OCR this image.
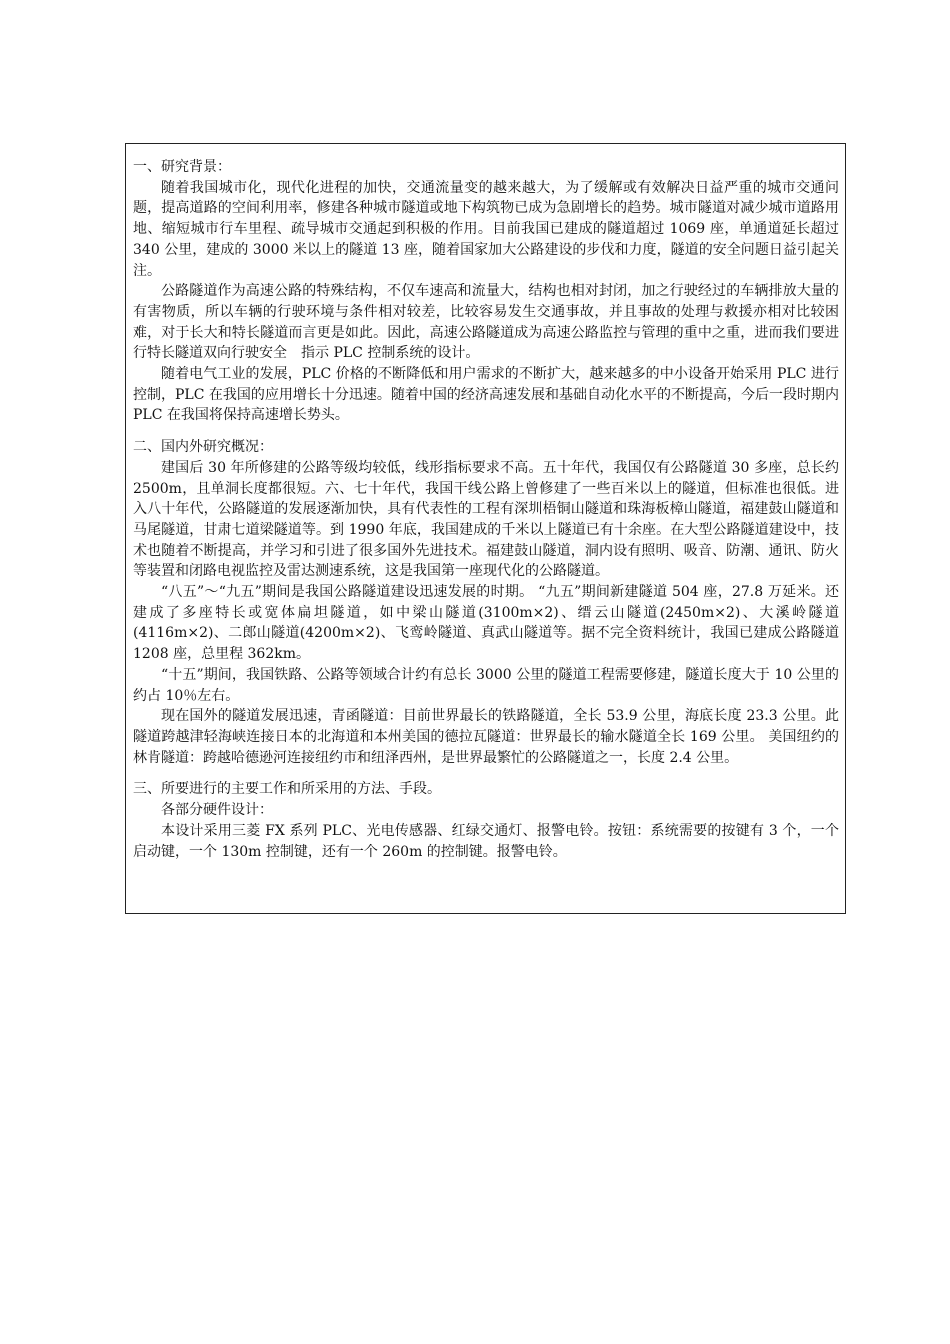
一、研究背景：

随着我国城市化，现代化进程的加快，交通流量变的越来越大，为了缓解或有效解决日益严重的城市交通问题，提高道路的空间利用率，修建各种城市隧道或地下构筑物已成为急剧增长的趋势。城市隧道对减少城市道路用地、缩短城市行车里程、疏导城市交通起到积极的作用。目前我国已建成的隧道超过 1069 座，单通道延长超过 340 公里，建成的 3000 米以上的隧道 13 座，随着国家加大公路建设的步伐和力度，隧道的安全问题日益引起关注。

公路隧道作为高速公路的特殊结构，不仅车速高和流量大，结构也相对封闭，加之行驶经过的车辆排放大量的有害物质，所以车辆的行驶环境与条件相对较差，比较容易发生交通事故，并且事故的处理与救援亦相对比较困难，对于长大和特长隧道而言更是如此。因此，高速公路隧道成为高速公路监控与管理的重中之重，进而我们要进行特长隧道双向行驶安全　指示 PLC 控制系统的设计。

随着电气工业的发展，PLC 价格的不断降低和用户需求的不断扩大，越来越多的中小设备开始采用 PLC 进行控制，PLC 在我国的应用增长十分迅速。随着中国的经济高速发展和基础自动化水平的不断提高，今后一段时期内 PLC 在我国将保持高速增长势头。

二、国内外研究概况：

建国后 30 年所修建的公路等级均较低，线形指标要求不高。五十年代，我国仅有公路隧道 30 多座，总长约 2500m，且单洞长度都很短。六、七十年代，我国干线公路上曾修建了一些百米以上的隧道，但标准也很低。进入八十年代，公路隧道的发展逐渐加快，具有代表性的工程有深圳梧铜山隧道和珠海板樟山隧道，福建鼓山隧道和马尾隧道，甘肃七道梁隧道等。到 1990 年底，我国建成的千米以上隧道已有十余座。在大型公路隧道建设中，技术也随着不断提高，并学习和引进了很多国外先进技术。福建鼓山隧道，洞内设有照明、吸音、防潮、通讯、防火等装置和闭路电视监控及雷达测速系统，这是我国第一座现代化的公路隧道。

“八五”～“九五”期间是我国公路隧道建设迅速发展的时期。 “九五”期间新建隧道 504 座，27.8 万延米。还建成了多座特长或宽体扁坦隧道，如中梁山隧道(3100m×2)、缙云山隧道(2450m×2)、大溪岭隧道(4116m×2)、二郎山隧道(4200m×2)、飞鸾岭隧道、真武山隧道等。据不完全资料统计，我国已建成公路隧道 1208 座，总里程 362km。

“十五”期间，我国铁路、公路等领域合计约有总长 3000 公里的隧道工程需要修建，隧道长度大于 10 公里的约占 10％左右。

现在国外的隧道发展迅速，青函隧道：目前世界最长的铁路隧道，全长 53.9 公里，海底长度 23.3 公里。此隧道跨越津轻海峡连接日本的北海道和本州美国的德拉瓦隧道：世界最长的输水隧道全长 169 公里。 美国纽约的林肯隧道：跨越哈德逊河连接纽约市和纽泽西州，是世界最繁忙的公路隧道之一，长度 2.4 公里。

三、所要进行的主要工作和所采用的方法、手段。

各部分硬件设计：

本设计采用三菱 FX 系列 PLC、光电传感器、红绿交通灯、报警电铃。按钮：系统需要的按键有 3 个，一个启动键，一个 130m 控制键，还有一个 260m 的控制键。报警电铃。
